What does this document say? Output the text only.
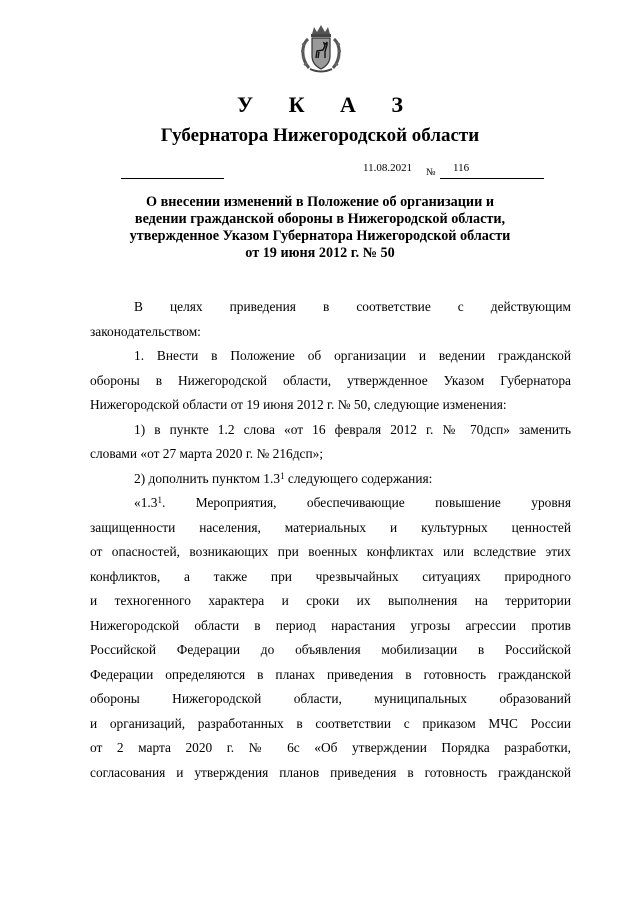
У К А З
Губернатора Нижегородской области
11.08.2021 № 116
О внесении изменений в Положение об организации и
ведении гражданской обороны в Нижегородской области,
утвержденное Указом Губернатора Нижегородской области
от 19 июня 2012 г. № 50
В целях приведения в соответствие с действующим
законодательством:
1. Внести в Положение об организации и ведении гражданской
обороны в Нижегородской области, утвержденное Указом Губернатора
Нижегородской области от 19 июня 2012 г. № 50, следующие изменения:
1) в пункте 1.2 слова «от 16 февраля 2012 г. № 70дсп» заменить
словами «от 27 марта 2020 г. № 216дсп»;
2) дополнить пунктом $1.3^1$ следующего содержания:
«$1.3^1$. Мероприятия, обеспечивающие повышение уровня
защищенности населения, материальных и культурных ценностей
от опасностей, возникающих при военных конфликтах или вследствие этих
конфликтов, а также при чрезвычайных ситуациях природного
и техногенного характера и сроки их выполнения на территории
Нижегородской области в период нарастания угрозы агрессии против
Российской Федерации до объявления мобилизации в Российской
Федерации определяются в планах приведения в готовность гражданской
обороны Нижегородской области, муниципальных образований
и организаций, разработанных в соответствии с приказом МЧС России
от 2 марта 2020 г. № 6с «Об утверждении Порядка разработки,
согласования и утверждения планов приведения в готовность гражданской
